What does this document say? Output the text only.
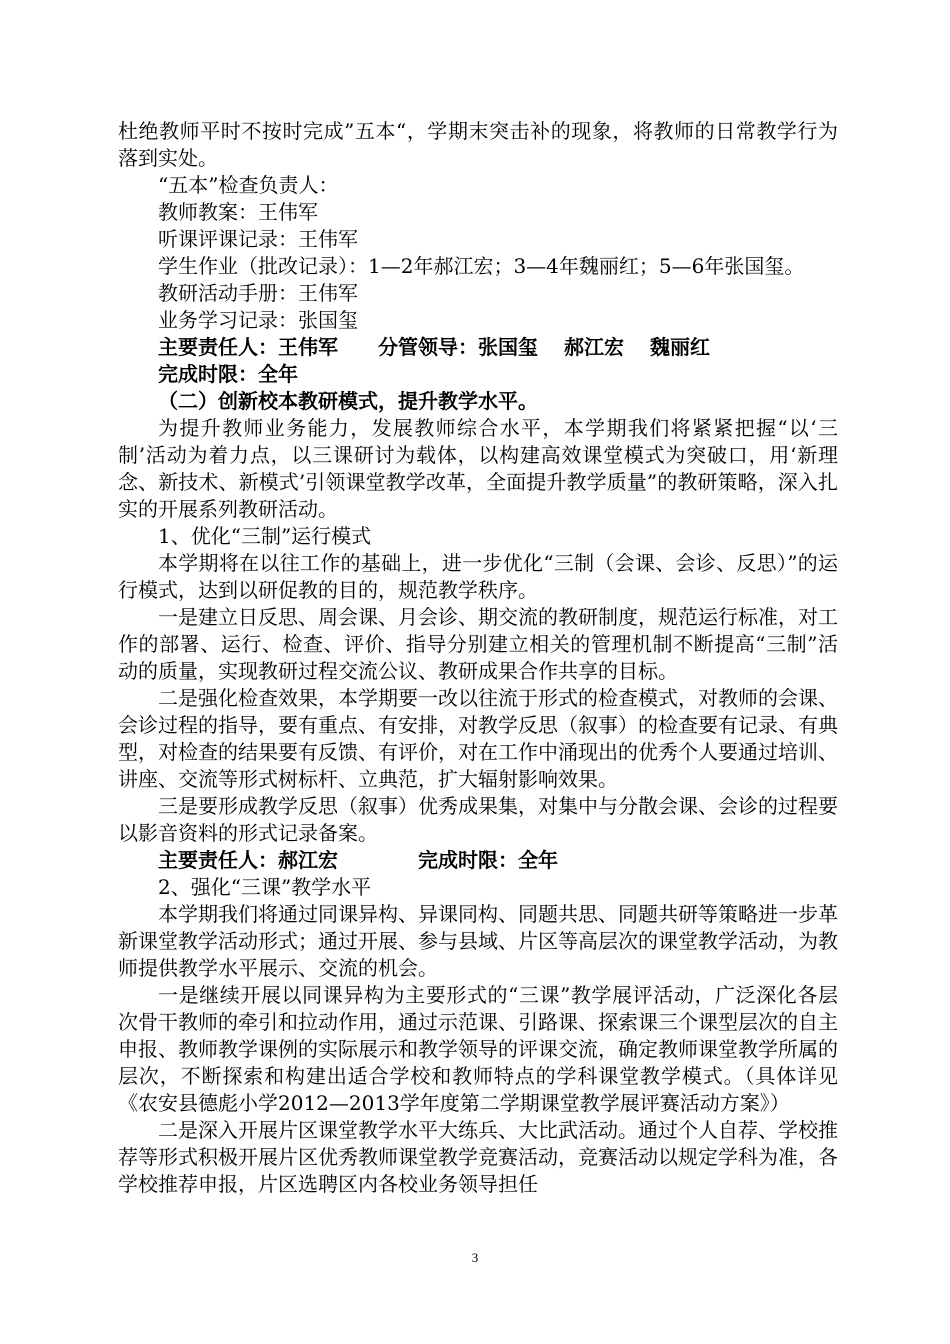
杜绝教师平时不按时完成”五本“，学期末突击补的现象，将教师的日常教学行为落到实处。

“五本”检查负责人：

教师教案：王伟军

听课评课记录：王伟军

学生作业（批改记录）：1—2年郝江宏；3—4年魏丽红；5—6年张国玺。

教研活动手册：王伟军

业务学习记录：张国玺

主要责任人：王伟军 分管领导：张国玺 郝江宏 魏丽红

完成时限：全年

（二）创新校本教研模式，提升教学水平。

为提升教师业务能力，发展教师综合水平，本学期我们将紧紧把握“以‘三制’活动为着力点，以三课研讨为载体，以构建高效课堂模式为突破口，用‘新理念、新技术、新模式’引领课堂教学改革，全面提升教学质量”的教研策略，深入扎实的开展系列教研活动。

1、优化“三制”运行模式

本学期将在以往工作的基础上，进一步优化“三制（会课、会诊、反思）”的运行模式，达到以研促教的目的，规范教学秩序。

一是建立日反思、周会课、月会诊、期交流的教研制度，规范运行标准，对工作的部署、运行、检查、评价、指导分别建立相关的管理机制不断提高“三制”活动的质量，实现教研过程交流公议、教研成果合作共享的目标。

二是强化检查效果，本学期要一改以往流于形式的检查模式，对教师的会课、会诊过程的指导，要有重点、有安排，对教学反思（叙事）的检查要有记录、有典型，对检查的结果要有反馈、有评价，对在工作中涌现出的优秀个人要通过培训、讲座、交流等形式树标杆、立典范，扩大辐射影响效果。

三是要形成教学反思（叙事）优秀成果集，对集中与分散会课、会诊的过程要以影音资料的形式记录备案。

主要责任人：郝江宏	完成时限：全年

2、强化“三课”教学水平

本学期我们将通过同课异构、异课同构、同题共思、同题共研等策略进一步革新课堂教学活动形式；通过开展、参与县域、片区等高层次的课堂教学活动，为教师提供教学水平展示、交流的机会。

一是继续开展以同课异构为主要形式的“三课”教学展评活动，广泛深化各层次骨干教师的牵引和拉动作用，通过示范课、引路课、探索课三个课型层次的自主申报、教师教学课例的实际展示和教学领导的评课交流，确定教师课堂教学所属的层次，不断探索和构建出适合学校和教师特点的学科课堂教学模式。（具体详见《农安县德彪小学2012—2013学年度第二学期课堂教学展评赛活动方案》）

二是深入开展片区课堂教学水平大练兵、大比武活动。通过个人自荐、学校推荐等形式积极开展片区优秀教师课堂教学竞赛活动，竞赛活动以规定学科为准，各学校推荐申报，片区选聘区内各校业务领导担任

3
